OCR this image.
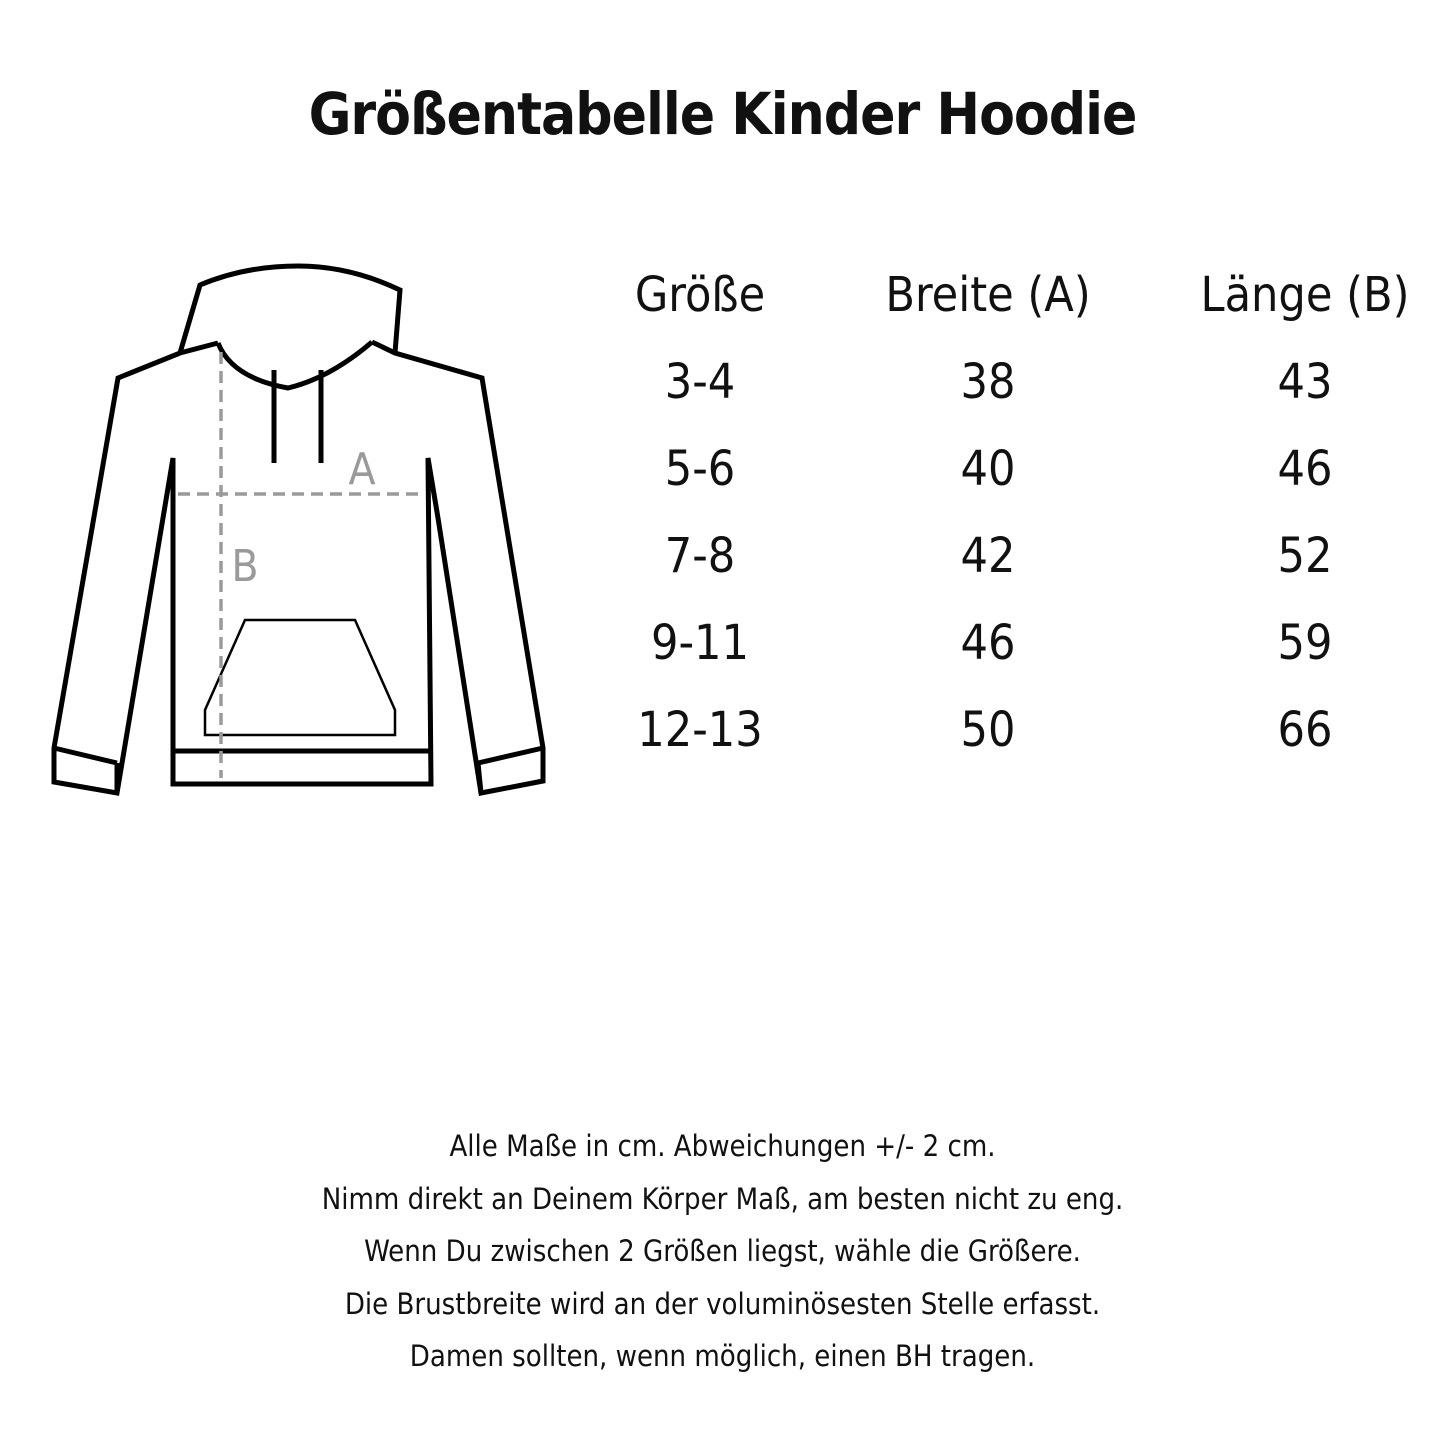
Größentabelle Kinder Hoodie
A
B
Größe	Breite (A)	Länge (B)
3-4	38	43
5-6	40	46
7-8	42	52
9-11	46	59
12-13	50	66
Alle Maße in cm. Abweichungen +/- 2 cm.
Nimm direkt an Deinem Körper Maß, am besten nicht zu eng.
Wenn Du zwischen 2 Größen liegst, wähle die Größere.
Die Brustbreite wird an der voluminösesten Stelle erfasst.
Damen sollten, wenn möglich, einen BH tragen.
